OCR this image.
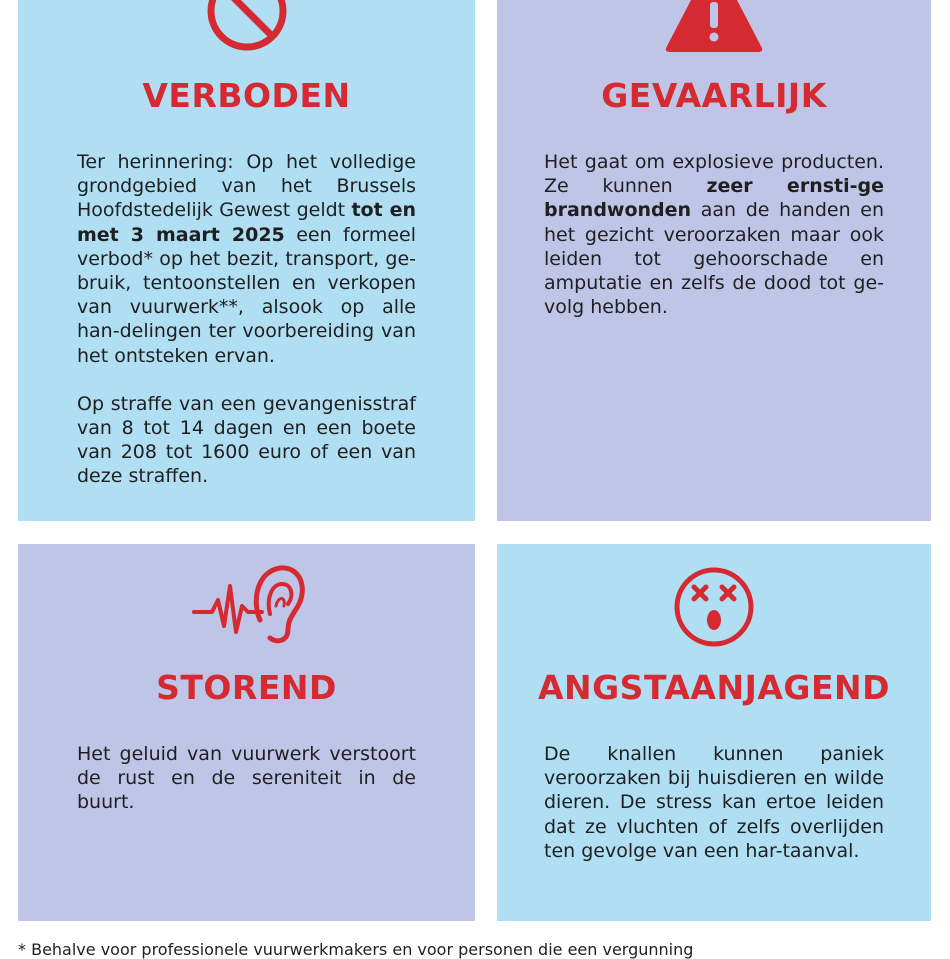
VERBODEN

Ter herinnering: Op het volledige grondgebied van het Brussels Hoofdstedelijk Gewest geldt tot en met 3 maart 2025 een formeel verbod* op het bezit, transport, ge-bruik, tentoonstellen en verkopen van vuurwerk**, alsook op alle han-delingen ter voorbereiding van het ontsteken ervan.

Op straffe van een gevangenisstraf van 8 tot 14 dagen en een boete van 208 tot 1600 euro of een van deze straffen.

GEVAARLIJK

Het gaat om explosieve producten. Ze kunnen zeer ernsti-ge brandwonden aan de handen en het gezicht veroorzaken maar ook leiden tot gehoorschade en amputatie en zelfs de dood tot ge-volg hebben.

STOREND

Het geluid van vuurwerk verstoort de rust en de sereniteit in de buurt.

ANGSTAANJAGEND

De knallen kunnen paniek veroorzaken bij huisdieren en wilde dieren. De stress kan ertoe leiden dat ze vluchten of zelfs overlijden ten gevolge van een har-taanval.

* Behalve voor professionele vuurwerkmakers en voor personen die een vergunning
